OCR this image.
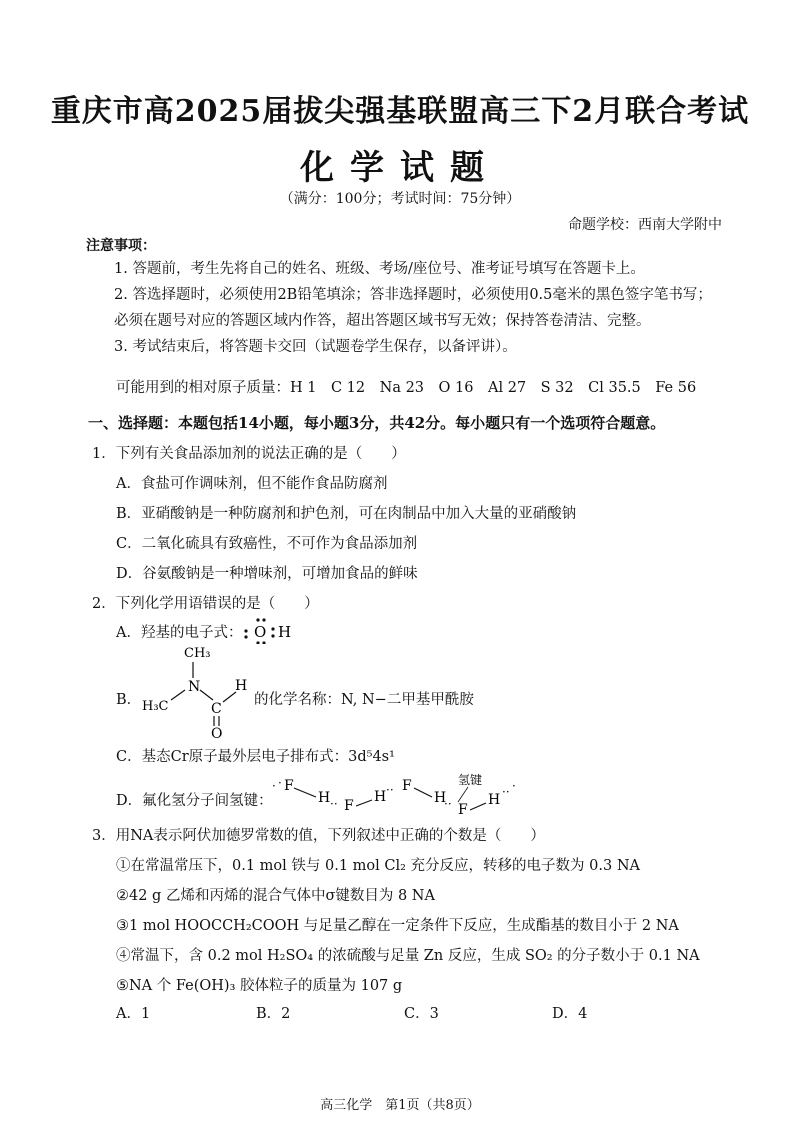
重庆市高2025届拔尖强基联盟高三下2月联合考试
化学试题
（满分：100分；考试时间：75分钟）
命题学校：西南大学附中
注意事项：
1. 答题前，考生先将自己的姓名、班级、考场/座位号、准考证号填写在答题卡上。
2. 答选择题时，必须使用2B铅笔填涂；答非选择题时，必须使用0.5毫米的黑色签字笔书写；必须在题号对应的答题区域内作答，超出答题区域书写无效；保持答卷清洁、完整。
3. 考试结束后，将答题卡交回（试题卷学生保存，以备评讲）。
可能用到的相对原子质量：H 1　C 12　Na 23　O 16　Al 27　S 32　Cl 35.5　Fe 56
一、选择题：本题包括14小题，每小题3分，共42分。每小题只有一个选项符合题意。
1．下列有关食品添加剂的说法正确的是（　　）
A．食盐可作调味剂，但不能作食品防腐剂
B．亚硝酸钠是一种防腐剂和护色剂，可在肉制品中加入大量的亚硝酸钠
C．二氧化硫具有致癌性，不可作为食品添加剂
D．谷氨酸钠是一种增味剂，可增加食品的鲜味
2．下列化学用语错误的是（　　）
A．羟基的电子式： O H
B．
CH₃
N
H₃C	C
H
O
的化学名称：N, N−二甲基甲酰胺
C．基态Cr原子最外层电子排布式：3d⁵4s¹
D．氟化氢分子间氢键：
· · F
H ·· F
H ·· F
H
氢键
·· F
H ·· ·
3．用NA表示阿伏加德罗常数的值，下列叙述中正确的个数是（　　）
①在常温常压下，0.1 mol 铁与 0.1 mol Cl₂ 充分反应，转移的电子数为 0.3 NA
②42 g 乙烯和丙烯的混合气体中σ键数目为 8 NA
③1 mol HOOCCH₂COOH 与足量乙醇在一定条件下反应，生成酯基的数目小于 2 NA
④常温下，含 0.2 mol H₂SO₄ 的浓硫酸与足量 Zn 反应，生成 SO₂ 的分子数小于 0.1 NA
⑤NA 个 Fe(OH)₃ 胶体粒子的质量为 107 g
A．1	B．2	C．3	D．4
高三化学　第1页（共8页）
